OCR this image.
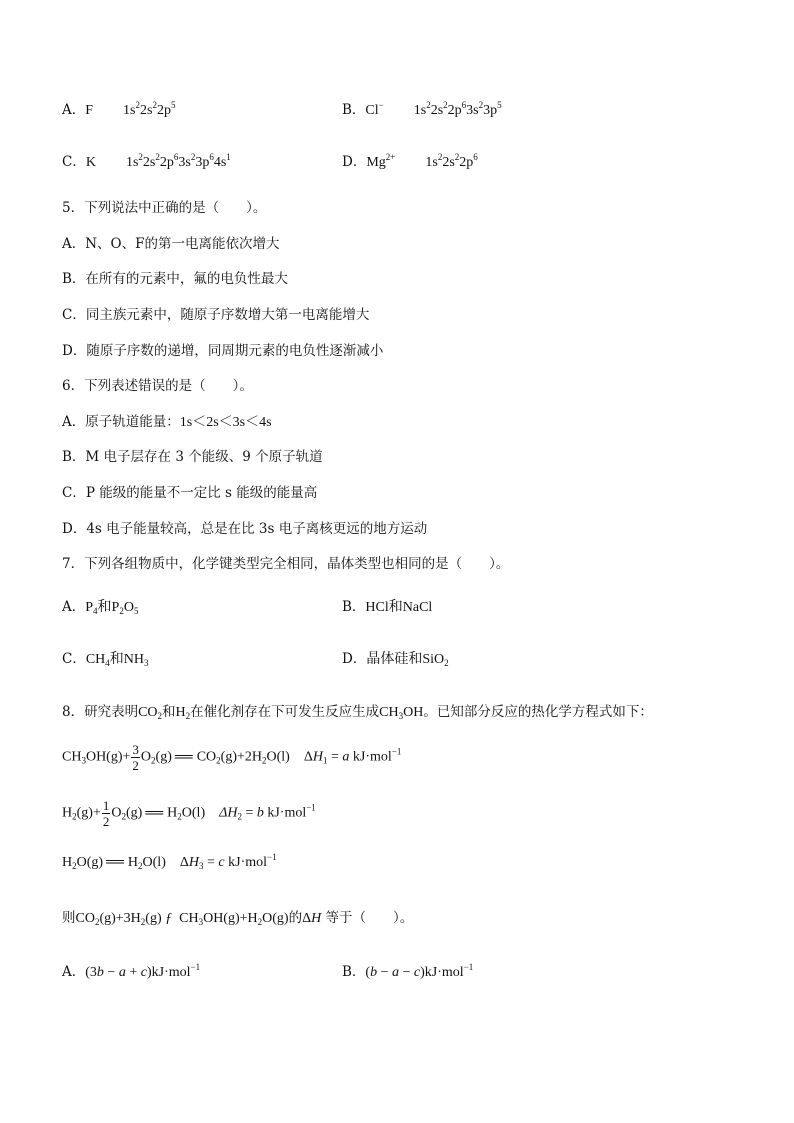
A．F $1s^22s^22p^5$	B．Cl− $1s^22s^22p^63s^23p^5$
C．K $1s^22s^22p^63s^23p^64s^1$	D．$Mg^{2+}$ $1s^22s^22p^6$
5．下列说法中正确的是（　　）。
A．N、O、F的第一电离能依次增大
B．在所有的元素中，氟的电负性最大
C．同主族元素中，随原子序数增大第一电离能增大
D．随原子序数的递增，同周期元素的电负性逐渐减小
6．下列表述错误的是（　　）。
A．原子轨道能量：1s＜2s＜3s＜4s
B．M 电子层存在 3 个能级、9 个原子轨道
C．P 能级的能量不一定比 s 能级的能量高
D．4s 电子能量较高，总是在比 3s 电子离核更远的地方运动
7．下列各组物质中，化学键类型完全相同，晶体类型也相同的是（　　）。
A．$P_4$和$P_2O_5$	B．HCl和NaCl
C．$CH_4$和$NH_3$	D．晶体硅和SiO$_2$
8．研究表明$CO_2$和$H_2$在催化剂存在下可发生反应生成$CH_3OH$。已知部分反应的热化学方程式如下：
$CH_3OH(g)+ \frac{3}{2} O_2(g)$ ══ $CO_2(g)+2H_2O(l) \Delta H_1 = a$ kJ·mol$^{-1}$
$H_2(g)+ \frac{1}{2} O_2(g)$ ══ $H_2O(l) \Delta H_2 = b$ kJ·mol$^{-1}$
$H_2O(g)$ ══ $H_2O(l) \Delta H_3 = c$ kJ·mol$^{-1}$
则$CO_2(g)+3H_2(g)$ ƒ  $CH_3OH(g)+H_2O(g)$的ΔH 等于（　　）。
A．(3b − a + c)kJ·mol$^{-1}$	B．(b − a − c)kJ·mol$^{-1}$
